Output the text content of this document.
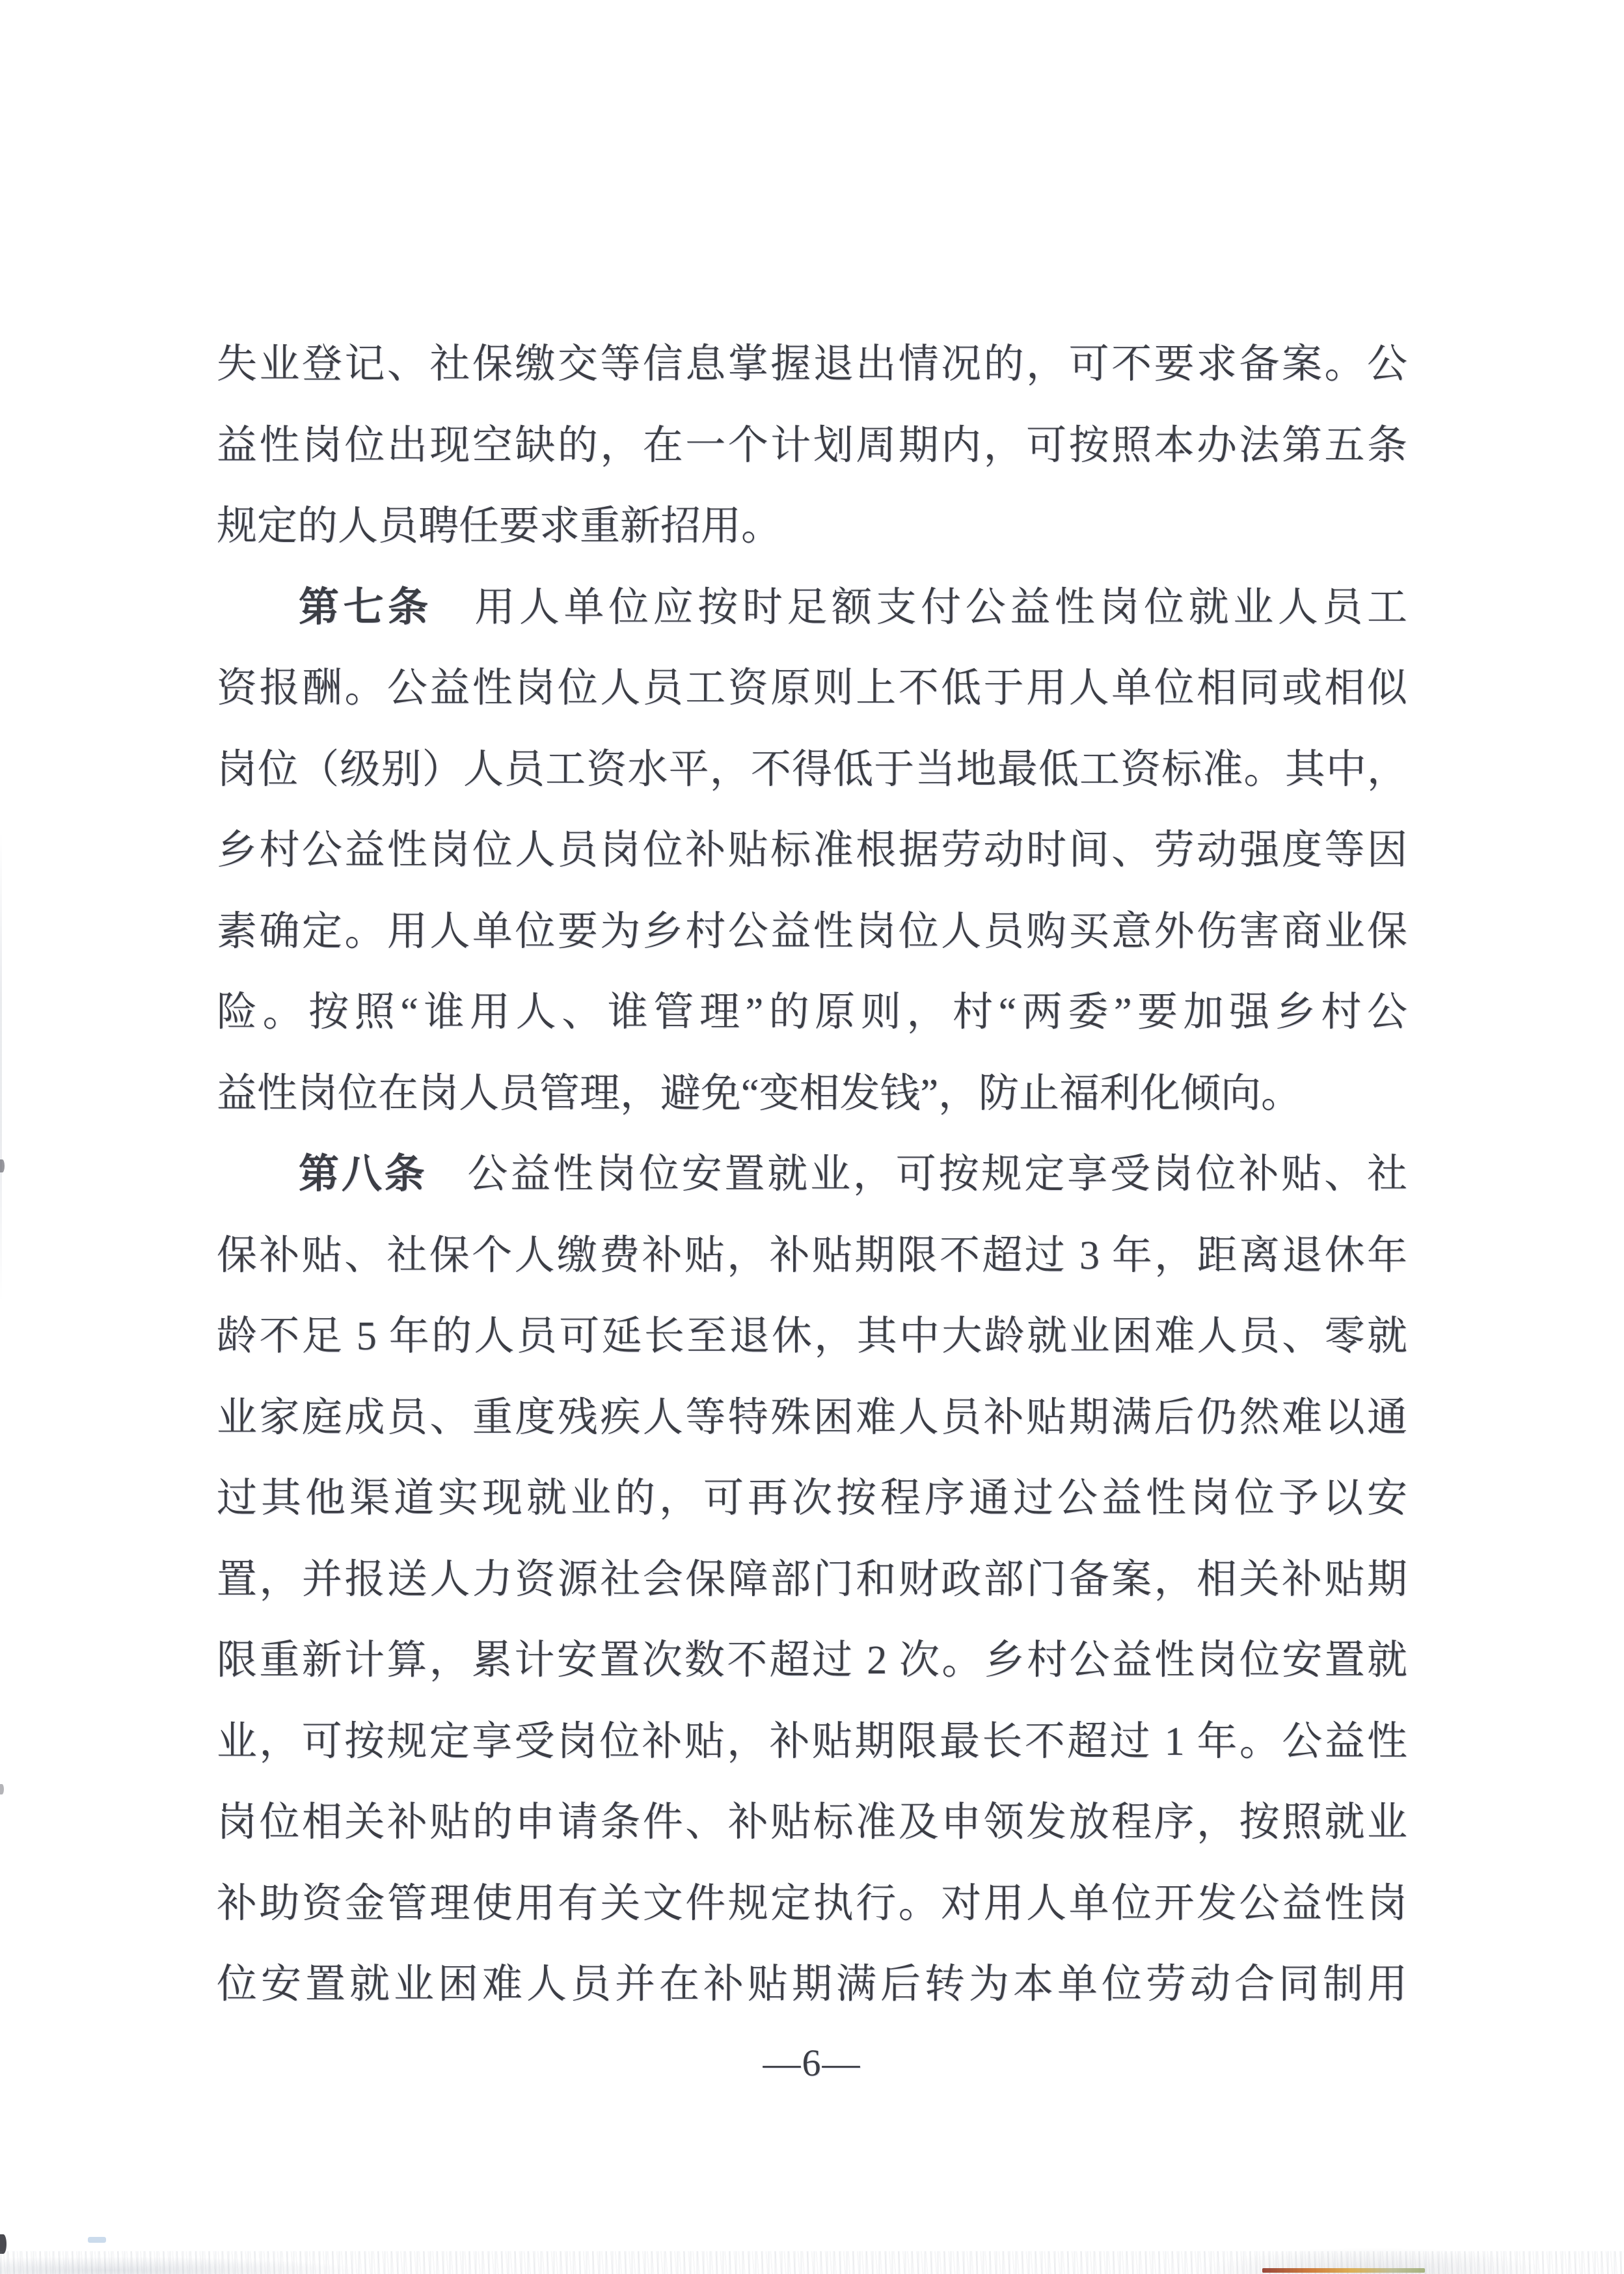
失业登记、社保缴交等信息掌握退出情况的，可不要求备案。公
益性岗位出现空缺的，在一个计划周期内，可按照本办法第五条
规定的人员聘任要求重新招用。
第七条 用人单位应按时足额支付公益性岗位就业人员工
资报酬。公益性岗位人员工资原则上不低于用人单位相同或相似
岗位（级别）人员工资水平，不得低于当地最低工资标准。其中，
乡村公益性岗位人员岗位补贴标准根据劳动时间、劳动强度等因
素确定。用人单位要为乡村公益性岗位人员购买意外伤害商业保
险。按照“谁用人、谁管理”的原则，村“两委”要加强乡村公
益性岗位在岗人员管理，避免“变相发钱”，防止福利化倾向。
第八条 公益性岗位安置就业，可按规定享受岗位补贴、社
保补贴、社保个人缴费补贴，补贴期限不超过 3 年，距离退休年
龄不足 5 年的人员可延长至退休，其中大龄就业困难人员、零就
业家庭成员、重度残疾人等特殊困难人员补贴期满后仍然难以通
过其他渠道实现就业的，可再次按程序通过公益性岗位予以安
置，并报送人力资源社会保障部门和财政部门备案，相关补贴期
限重新计算，累计安置次数不超过 2 次。乡村公益性岗位安置就
业，可按规定享受岗位补贴，补贴期限最长不超过 1 年。公益性
岗位相关补贴的申请条件、补贴标准及申领发放程序，按照就业
补助资金管理使用有关文件规定执行。对用人单位开发公益性岗
位安置就业困难人员并在补贴期满后转为本单位劳动合同制用
—6—
